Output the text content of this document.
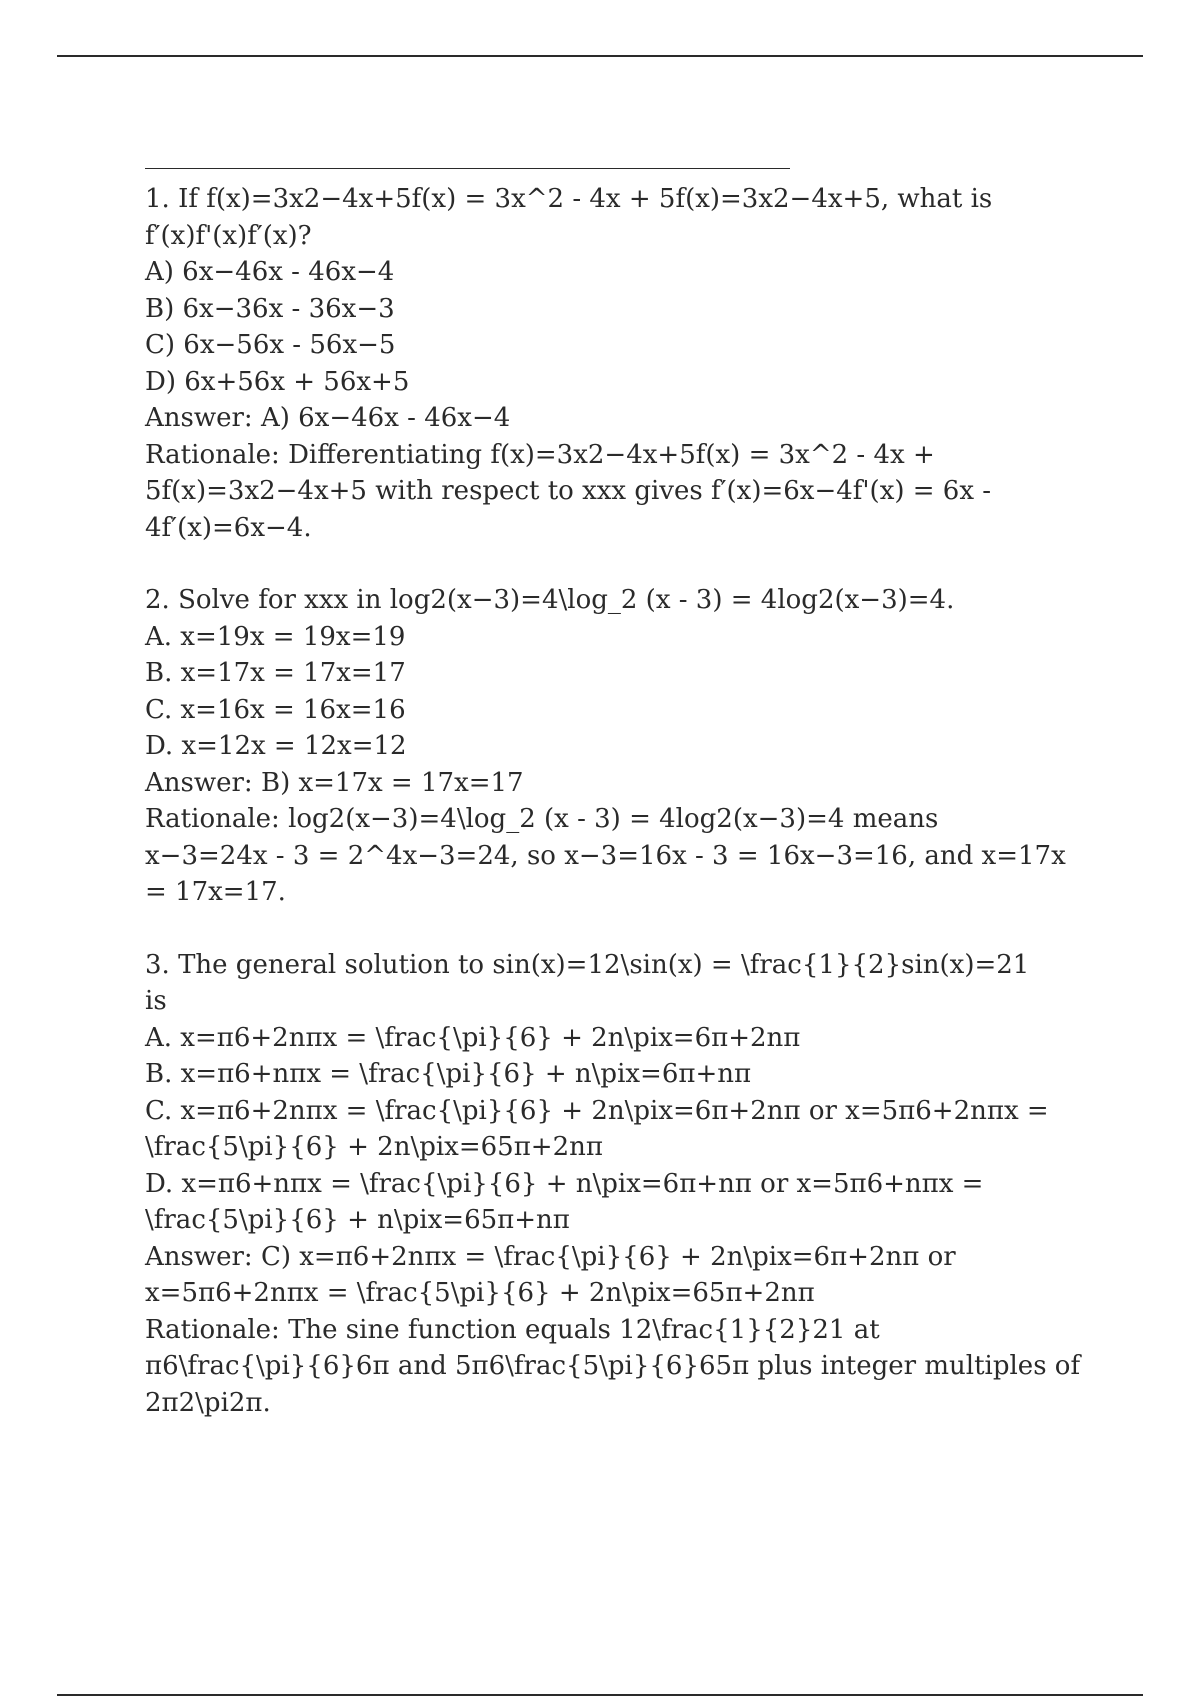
1. If f(x)=3x2−4x+5f(x) = 3x^2 - 4x + 5f(x)=3x2−4x+5, what is
f′(x)f'(x)f′(x)?
A) 6x−46x - 46x−4
B) 6x−36x - 36x−3
C) 6x−56x - 56x−5
D) 6x+56x + 56x+5
Answer: A) 6x−46x - 46x−4
Rationale: Differentiating f(x)=3x2−4x+5f(x) = 3x^2 - 4x +
5f(x)=3x2−4x+5 with respect to xxx gives f′(x)=6x−4f'(x) = 6x -
4f′(x)=6x−4.
2. Solve for xxx in log⁡2(x−3)=4\log_2 (x - 3) = 4log2(x−3)=4.
A. x=19x = 19x=19
B. x=17x = 17x=17
C. x=16x = 16x=16
D. x=12x = 12x=12
Answer: B) x=17x = 17x=17
Rationale: log⁡2(x−3)=4\log_2 (x - 3) = 4log2(x−3)=4 means
x−3=24x - 3 = 2^4x−3=24, so x−3=16x - 3 = 16x−3=16, and x=17x
= 17x=17.
3. The general solution to sin⁡(x)=12\sin(x) = \frac{1}{2}sin(x)=21
is
A. x=π6+2nπx = \frac{\pi}{6} + 2n\pix=6π+2nπ
B. x=π6+nπx = \frac{\pi}{6} + n\pix=6π+nπ
C. x=π6+2nπx = \frac{\pi}{6} + 2n\pix=6π+2nπ or x=5π6+2nπx =
\frac{5\pi}{6} + 2n\pix=65π+2nπ
D. x=π6+nπx = \frac{\pi}{6} + n\pix=6π+nπ or x=5π6+nπx =
\frac{5\pi}{6} + n\pix=65π+nπ
Answer: C) x=π6+2nπx = \frac{\pi}{6} + 2n\pix=6π+2nπ or
x=5π6+2nπx = \frac{5\pi}{6} + 2n\pix=65π+2nπ
Rationale: The sine function equals 12\frac{1}{2}21 at
π6\frac{\pi}{6}6π and 5π6\frac{5\pi}{6}65π plus integer multiples of
2π2\pi2π.
